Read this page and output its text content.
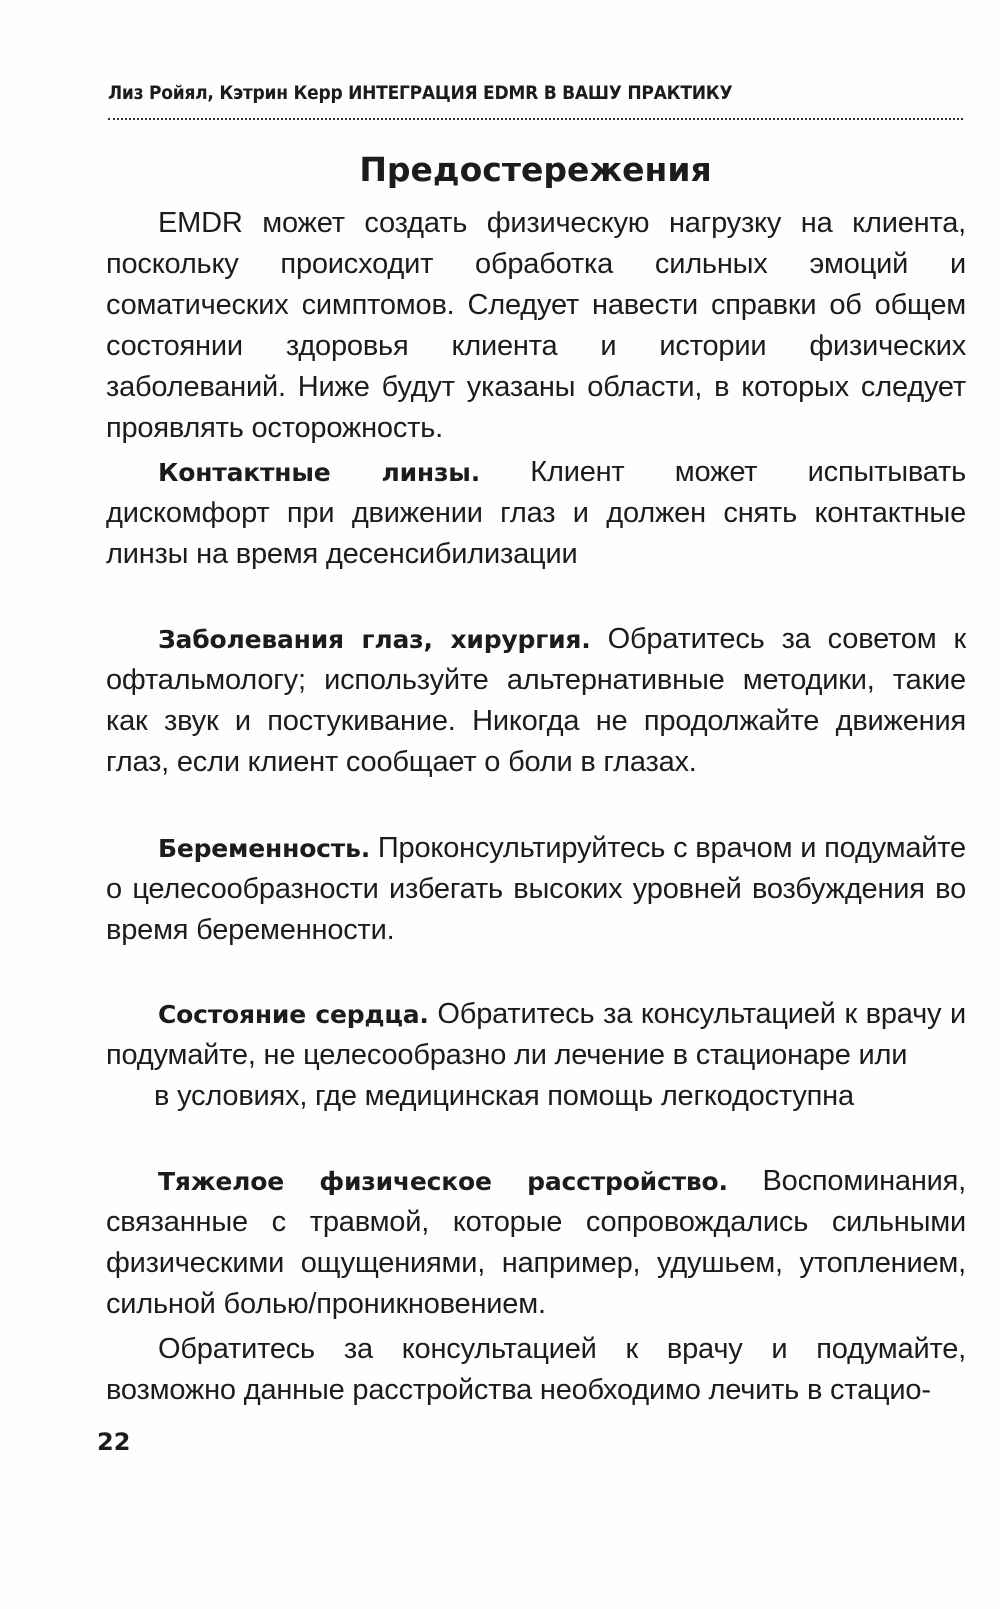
Лиз Ройял, Кэтрин Керр ИНТЕГРАЦИЯ EDMR В ВАШУ ПРАКТИКУ
Предостережения

EMDR может создать физическую нагрузку на клиента, поскольку происходит обработка сильных эмоций и соматических симптомов. Следует навести справки об общем состоянии здоровья клиента и истории физических заболеваний. Ниже будут указаны области, в которых следует проявлять осторожность.

Контактные линзы. Клиент может испытывать дискомфорт при движении глаз и должен снять контактные линзы на время десенсибилизации

Заболевания глаз, хирургия. Обратитесь за советом к офтальмологу; используйте альтернативные методики, такие как звук и постукивание. Никогда не продолжайте движения глаз, если клиент сообщает о боли в глазах.

Беременность. Проконсультируйтесь с врачом и подумайте о целесообразности избегать высоких уровней возбуждения во время беременности.

Состояние сердца. Обратитесь за консультацией к врачу и подумайте, не целесообразно ли лечение в стационаре или
в условиях, где медицинская помощь легкодоступна

Тяжелое физическое расстройство. Воспоминания, связанные с травмой, которые сопровождались сильными физическими ощущениями, например, удушьем, утоплением, сильной болью/проникновением.

Обратитесь за консультацией к врачу и подумайте, возможно данные расстройства необходимо лечить в стацио-

22
